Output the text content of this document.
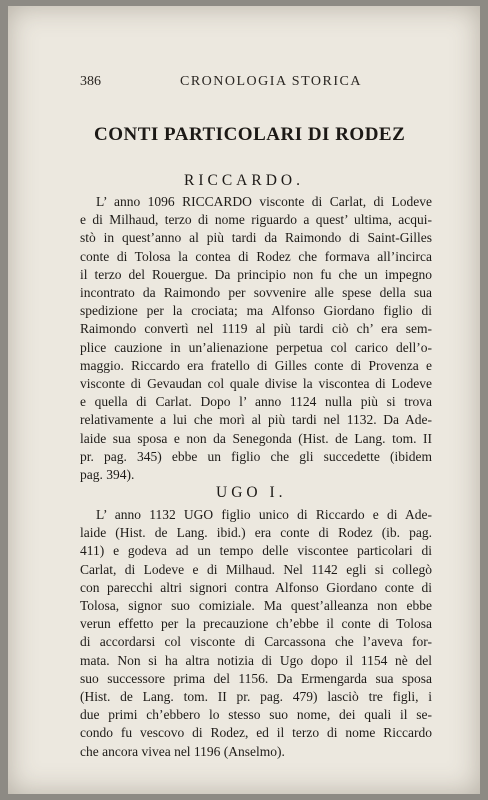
386	CRONOLOGIA STORICA
CONTI PARTICOLARI DI RODEZ
RICCARDO.
L’ anno 1096 RICCARDO visconte di Carlat, di Lodeve
e di Milhaud, terzo di nome riguardo a quest’ ultima, acqui-
stò in quest’anno al più tardi da Raimondo di Saint-Gilles
conte di Tolosa la contea di Rodez che formava all’incirca
il terzo del Rouergue. Da principio non fu che un impegno
incontrato da Raimondo per sovvenire alle spese della sua
spedizione per la crociata; ma Alfonso Giordano figlio di
Raimondo convertì nel 1119 al più tardi ciò ch’ era sem-
plice cauzione in un’alienazione perpetua col carico dell’o-
maggio. Riccardo era fratello di Gilles conte di Provenza e
visconte di Gevaudan col quale divise la viscontea di Lodeve
e quella di Carlat. Dopo l’ anno 1124 nulla più si trova
relativamente a lui che morì al più tardi nel 1132. Da Ade-
laide sua sposa e non da Senegonda (Hist. de Lang. tom. II
pr. pag. 345) ebbe un figlio che gli succedette (ibidem
pag. 394).
UGO I.
L’ anno 1132 UGO figlio unico di Riccardo e di Ade-
laide (Hist. de Lang. ibid.) era conte di Rodez (ib. pag.
411) e godeva ad un tempo delle viscontee particolari di
Carlat, di Lodeve e di Milhaud. Nel 1142 egli si collegò
con parecchi altri signori contra Alfonso Giordano conte di
Tolosa, signor suo comiziale. Ma quest’alleanza non ebbe
verun effetto per la precauzione ch’ebbe il conte di Tolosa
di accordarsi col visconte di Carcassona che l’aveva for-
mata. Non si ha altra notizia di Ugo dopo il 1154 nè del
suo successore prima del 1156. Da Ermengarda sua sposa
(Hist. de Lang. tom. II pr. pag. 479) lasciò tre figli, i
due primi ch’ebbero lo stesso suo nome, dei quali il se-
condo fu vescovo di Rodez, ed il terzo di nome Riccardo
che ancora vivea nel 1196 (Anselmo).
